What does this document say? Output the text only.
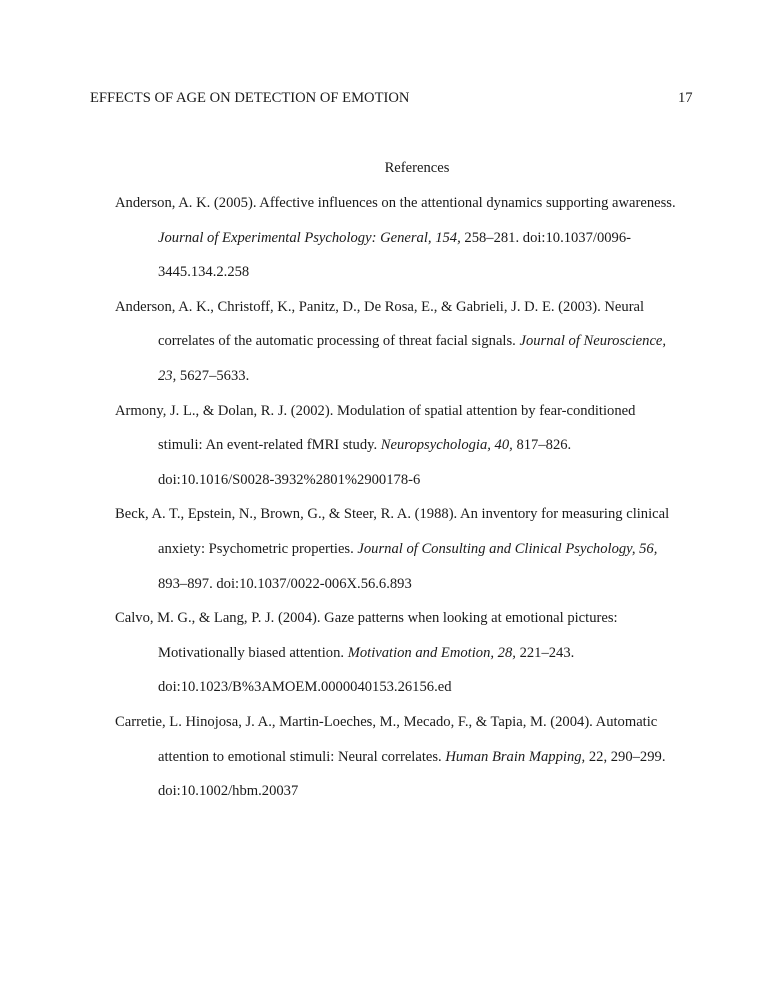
EFFECTS OF AGE ON DETECTION OF EMOTION	17
References
Anderson, A. K. (2005). Affective influences on the attentional dynamics supporting awareness.
Journal of Experimental Psychology: General, 154, 258–281. doi:10.1037/0096-
3445.134.2.258
Anderson, A. K., Christoff, K., Panitz, D., De Rosa, E., & Gabrieli, J. D. E. (2003). Neural
correlates of the automatic processing of threat facial signals. Journal of Neuroscience,
23, 5627–5633.
Armony, J. L., & Dolan, R. J. (2002). Modulation of spatial attention by fear-conditioned
stimuli: An event-related fMRI study. Neuropsychologia, 40, 817–826.
doi:10.1016/S0028-3932%2801%2900178-6
Beck, A. T., Epstein, N., Brown, G., & Steer, R. A. (1988). An inventory for measuring clinical
anxiety: Psychometric properties. Journal of Consulting and Clinical Psychology, 56,
893–897. doi:10.1037/0022-006X.56.6.893
Calvo, M. G., & Lang, P. J. (2004). Gaze patterns when looking at emotional pictures:
Motivationally biased attention. Motivation and Emotion, 28, 221–243.
doi:10.1023/B%3AMOEM.0000040153.26156.ed
Carretie, L. Hinojosa, J. A., Martin-Loeches, M., Mecado, F., & Tapia, M. (2004). Automatic
attention to emotional stimuli: Neural correlates. Human Brain Mapping, 22, 290–299.
doi:10.1002/hbm.20037
